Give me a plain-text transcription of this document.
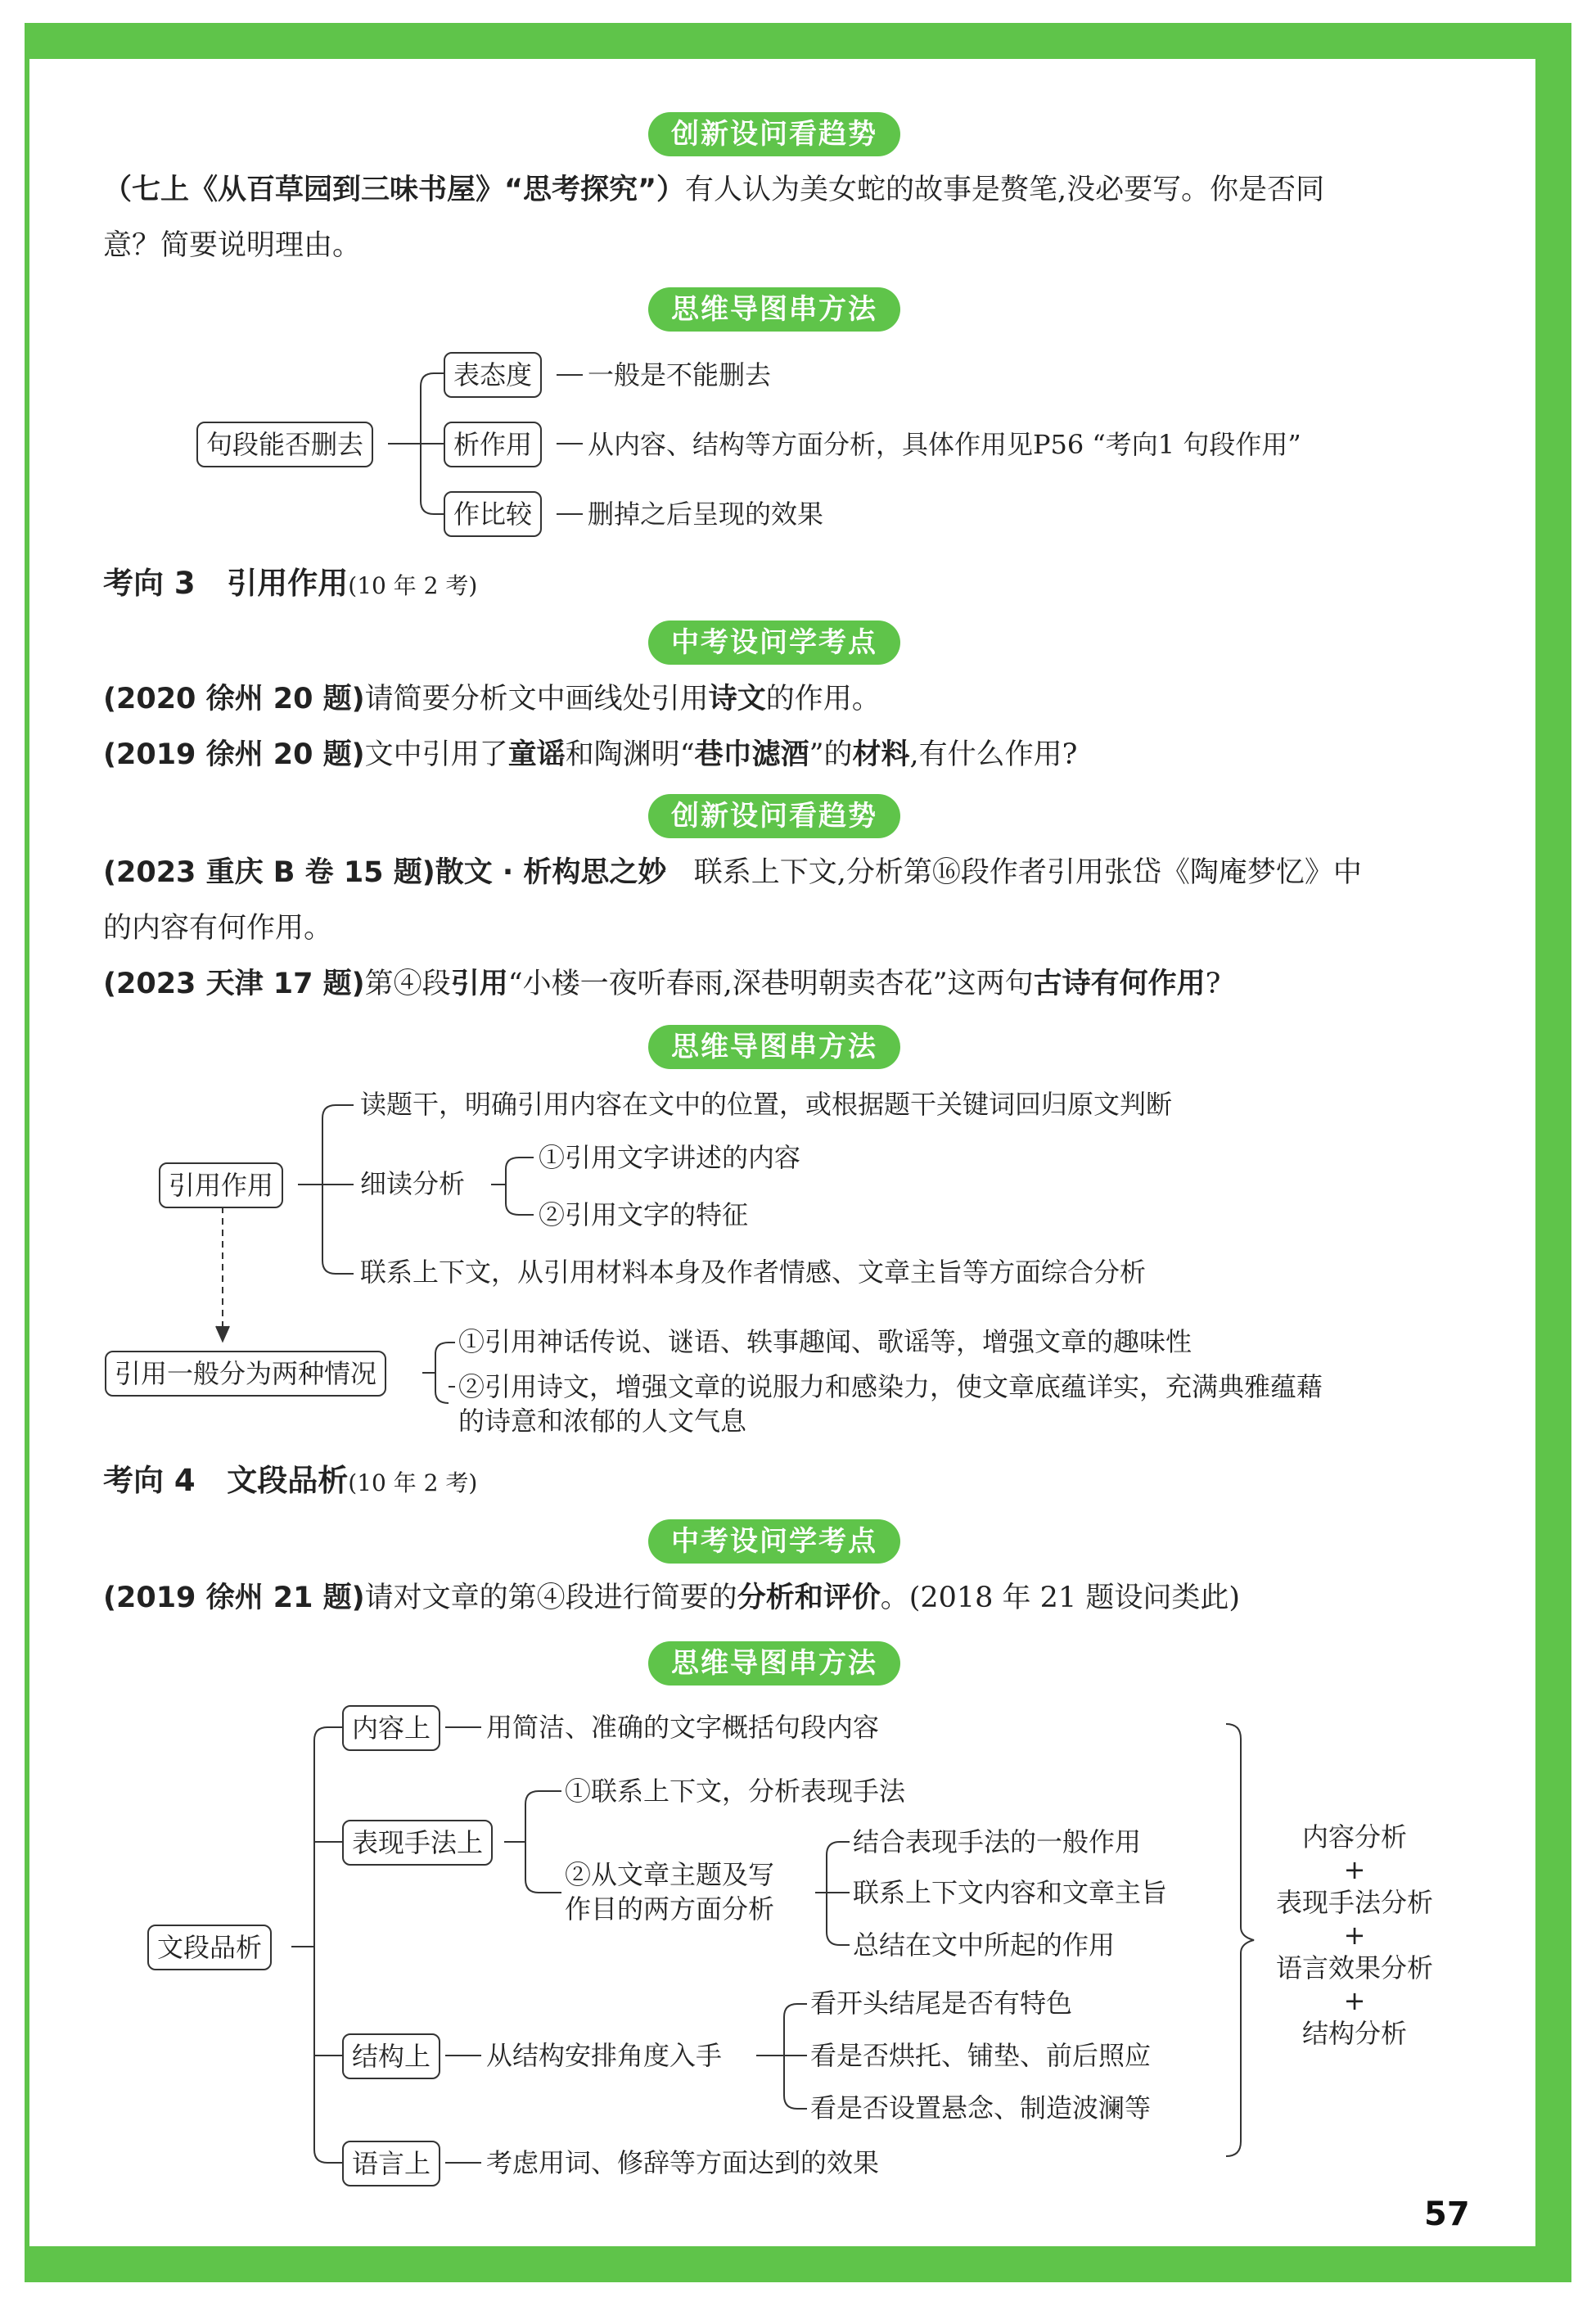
创新设问看趋势
（七上《从百草园到三味书屋》“思考探究”）有人认为美女蛇的故事是赘笔,没必要写。你是否同
意？简要说明理由。
思维导图串方法
句段能否删去
表态度
析作用
作比较
一般是不能删去
从内容、结构等方面分析，具体作用见P56 “考向1 句段作用”
删掉之后呈现的效果
考向 3 引用作用(10 年 2 考)
中考设问学考点
(2020 徐州 20 题)请简要分析文中画线处引用诗文的作用。
(2019 徐州 20 题)文中引用了童谣和陶渊明“巷巾滤酒”的材料,有什么作用?
创新设问看趋势
(2023 重庆 B 卷 15 题)散文 · 析构思之妙 联系上下文,分析第⑯段作者引用张岱《陶庵梦忆》中
的内容有何作用。
(2023 天津 17 题)第④段引用“小楼一夜听春雨,深巷明朝卖杏花”这两句古诗有何作用?
思维导图串方法
引用作用
读题干，明确引用内容在文中的位置，或根据题干关键词回归原文判断
细读分析
①引用文字讲述的内容
②引用文字的特征
联系上下文，从引用材料本身及作者情感、文章主旨等方面综合分析
引用一般分为两种情况
①引用神话传说、谜语、轶事趣闻、歌谣等，增强文章的趣味性
②引用诗文，增强文章的说服力和感染力，使文章底蕴详实，充满典雅蕴藉
的诗意和浓郁的人文气息
考向 4 文段品析(10 年 2 考)
中考设问学考点
(2019 徐州 21 题)请对文章的第④段进行简要的分析和评价。(2018 年 21 题设问类此)
思维导图串方法
文段品析
内容上	用简洁、准确的文字概括句段内容
表现手法上
①联系上下文，分析表现手法
②从文章主题及写
作目的两方面分析
结合表现手法的一般作用
联系上下文内容和文章主旨
总结在文中所起的作用
结构上	从结构安排角度入手
看开头结尾是否有特色
看是否烘托、铺垫、前后照应
看是否设置悬念、制造波澜等
语言上	考虑用词、修辞等方面达到的效果
内容分析
+
表现手法分析
+
语言效果分析
+
结构分析
57
